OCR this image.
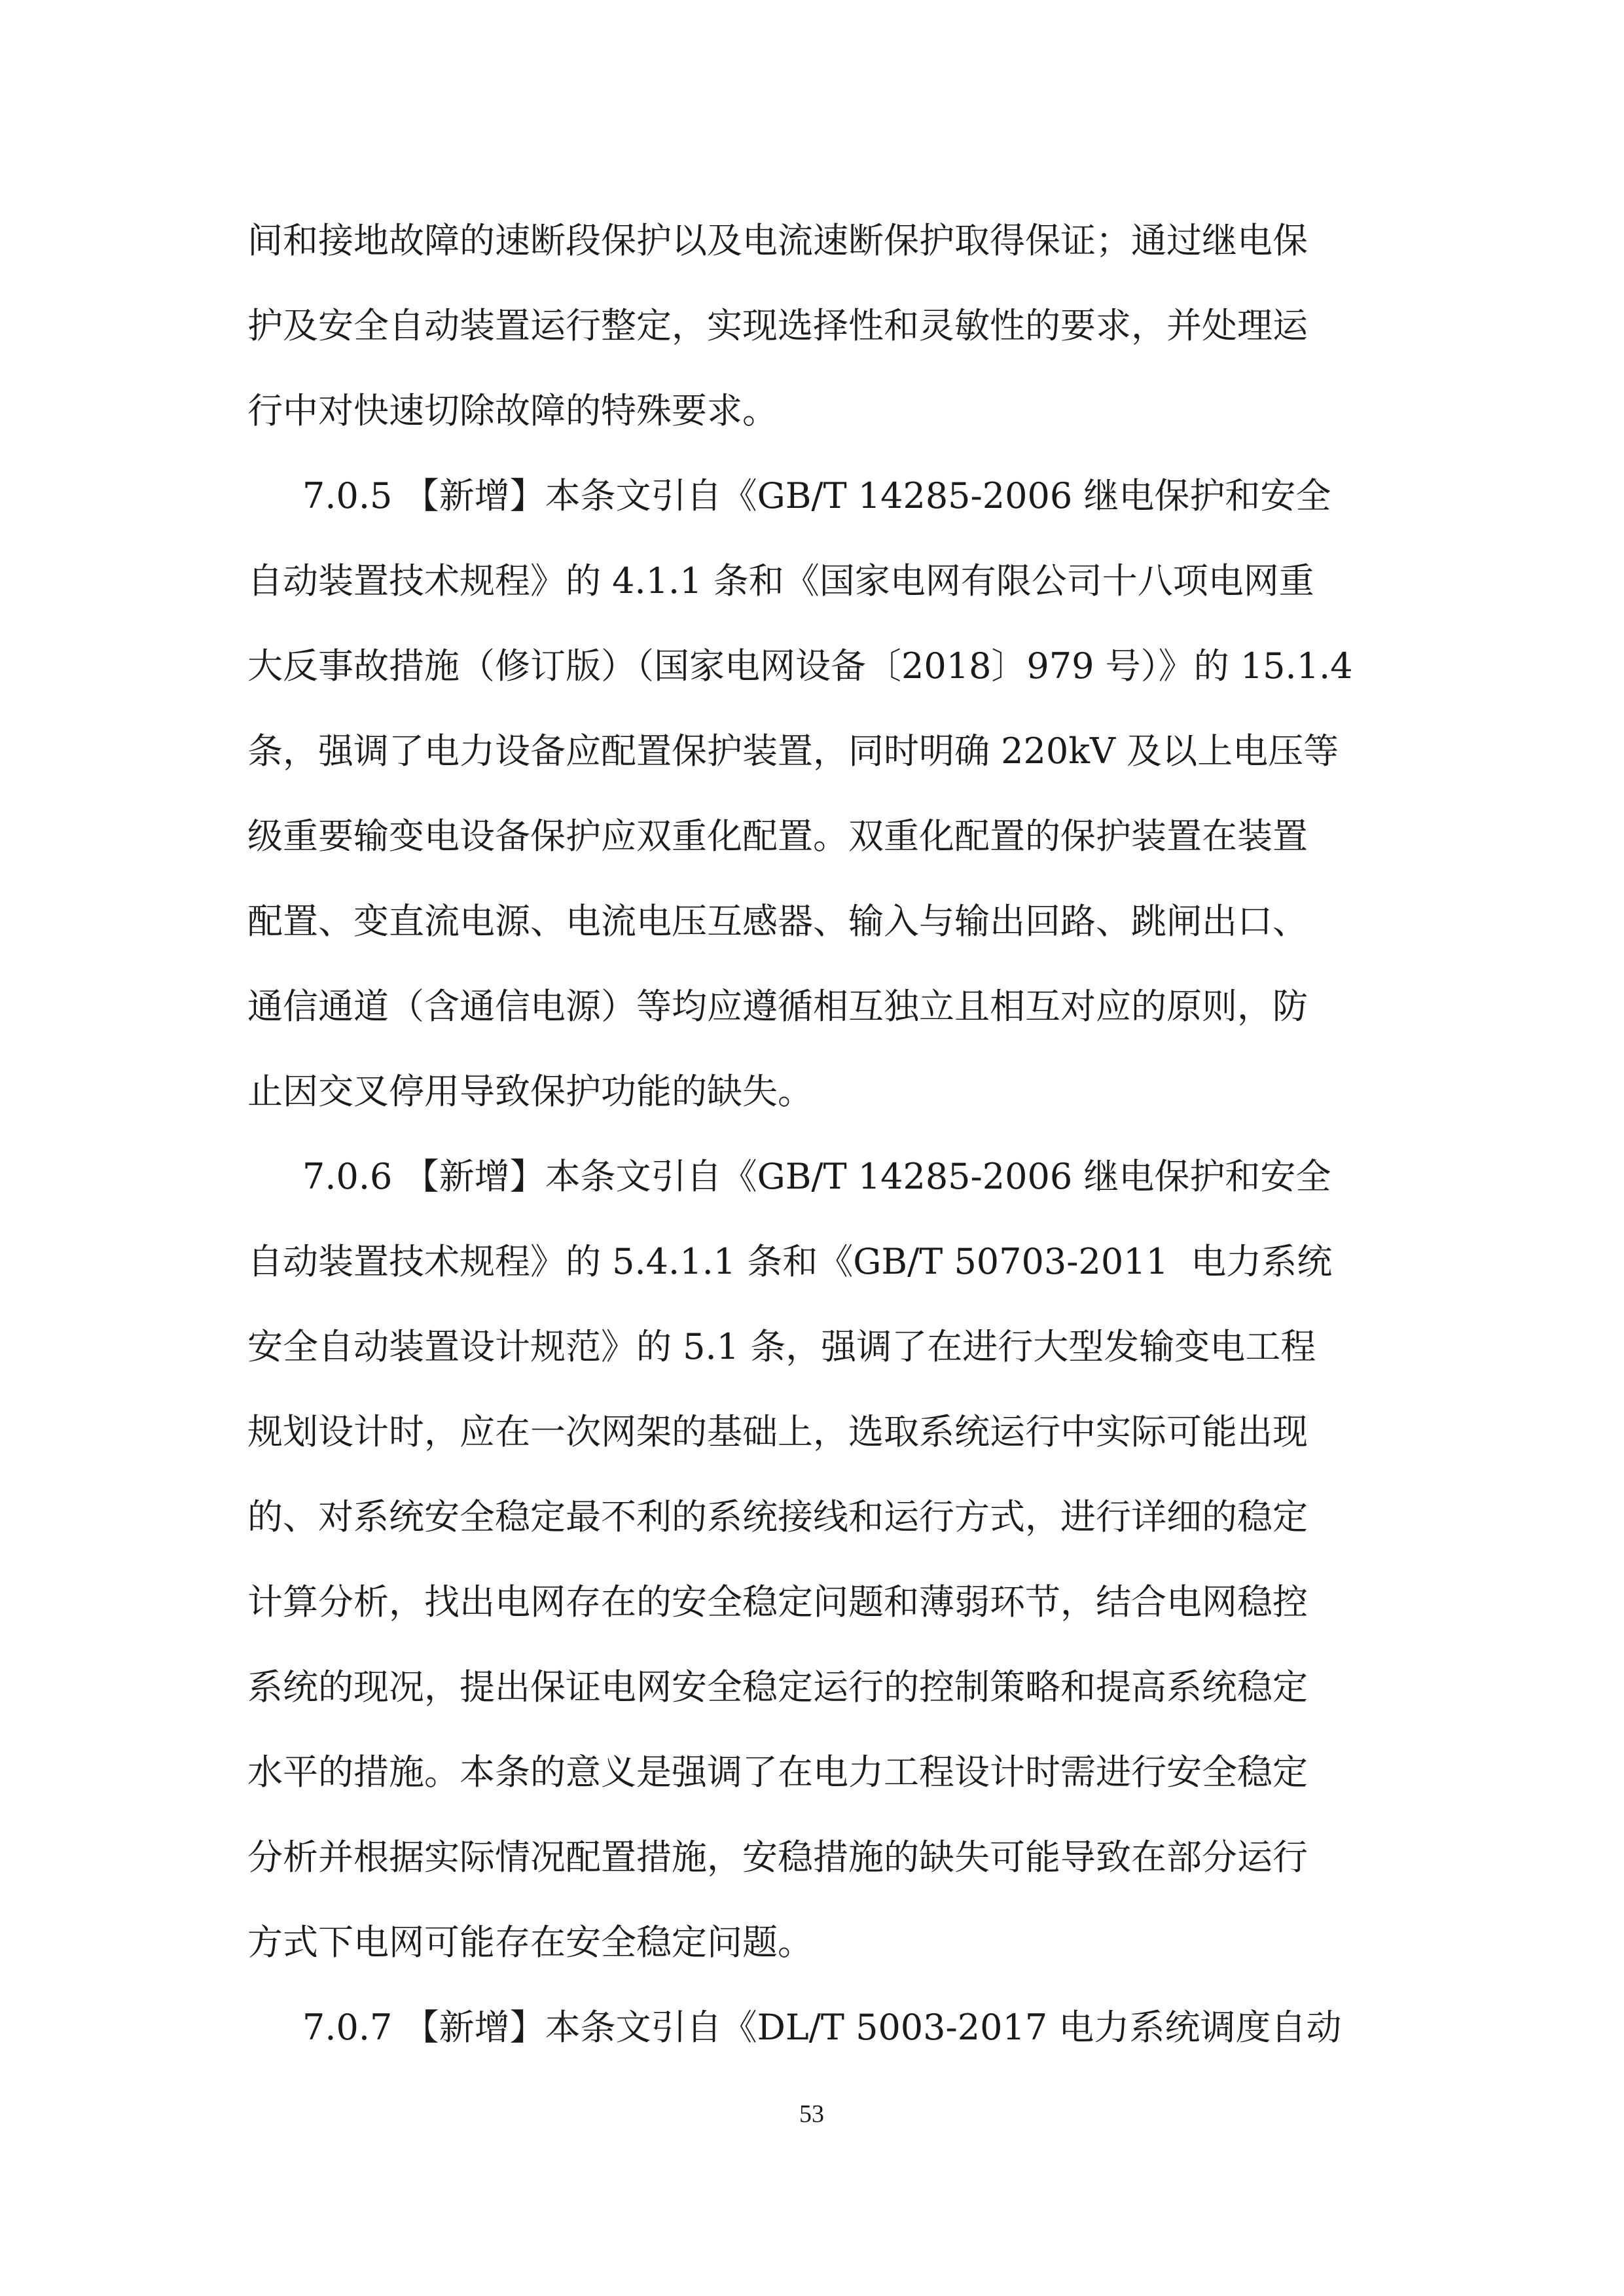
间和接地故障的速断段保护以及电流速断保护取得保证；通过继电保

护及安全自动装置运行整定，实现选择性和灵敏性的要求，并处理运

行中对快速切除故障的特殊要求。

7.0.5 【新增】本条文引自《GB/T 14285-2006 继电保护和安全

自动装置技术规程》的 4.1.1 条和《国家电网有限公司十八项电网重

大反事故措施（修订版）（国家电网设备〔2018〕979 号）》的 15.1.4

条，强调了电力设备应配置保护装置，同时明确 220kV 及以上电压等

级重要输变电设备保护应双重化配置。双重化配置的保护装置在装置

配置、变直流电源、电流电压互感器、输入与输出回路、跳闸出口、

通信通道（含通信电源）等均应遵循相互独立且相互对应的原则，防

止因交叉停用导致保护功能的缺失。

7.0.6 【新增】本条文引自《GB/T 14285-2006 继电保护和安全

自动装置技术规程》的 5.4.1.1 条和《GB/T 50703-2011  电力系统

安全自动装置设计规范》的 5.1 条，强调了在进行大型发输变电工程

规划设计时，应在一次网架的基础上，选取系统运行中实际可能出现

的、对系统安全稳定最不利的系统接线和运行方式，进行详细的稳定

计算分析，找出电网存在的安全稳定问题和薄弱环节，结合电网稳控

系统的现况，提出保证电网安全稳定运行的控制策略和提高系统稳定

水平的措施。本条的意义是强调了在电力工程设计时需进行安全稳定

分析并根据实际情况配置措施，安稳措施的缺失可能导致在部分运行

方式下电网可能存在安全稳定问题。

7.0.7 【新增】本条文引自《DL/T 5003-2017 电力系统调度自动

53
